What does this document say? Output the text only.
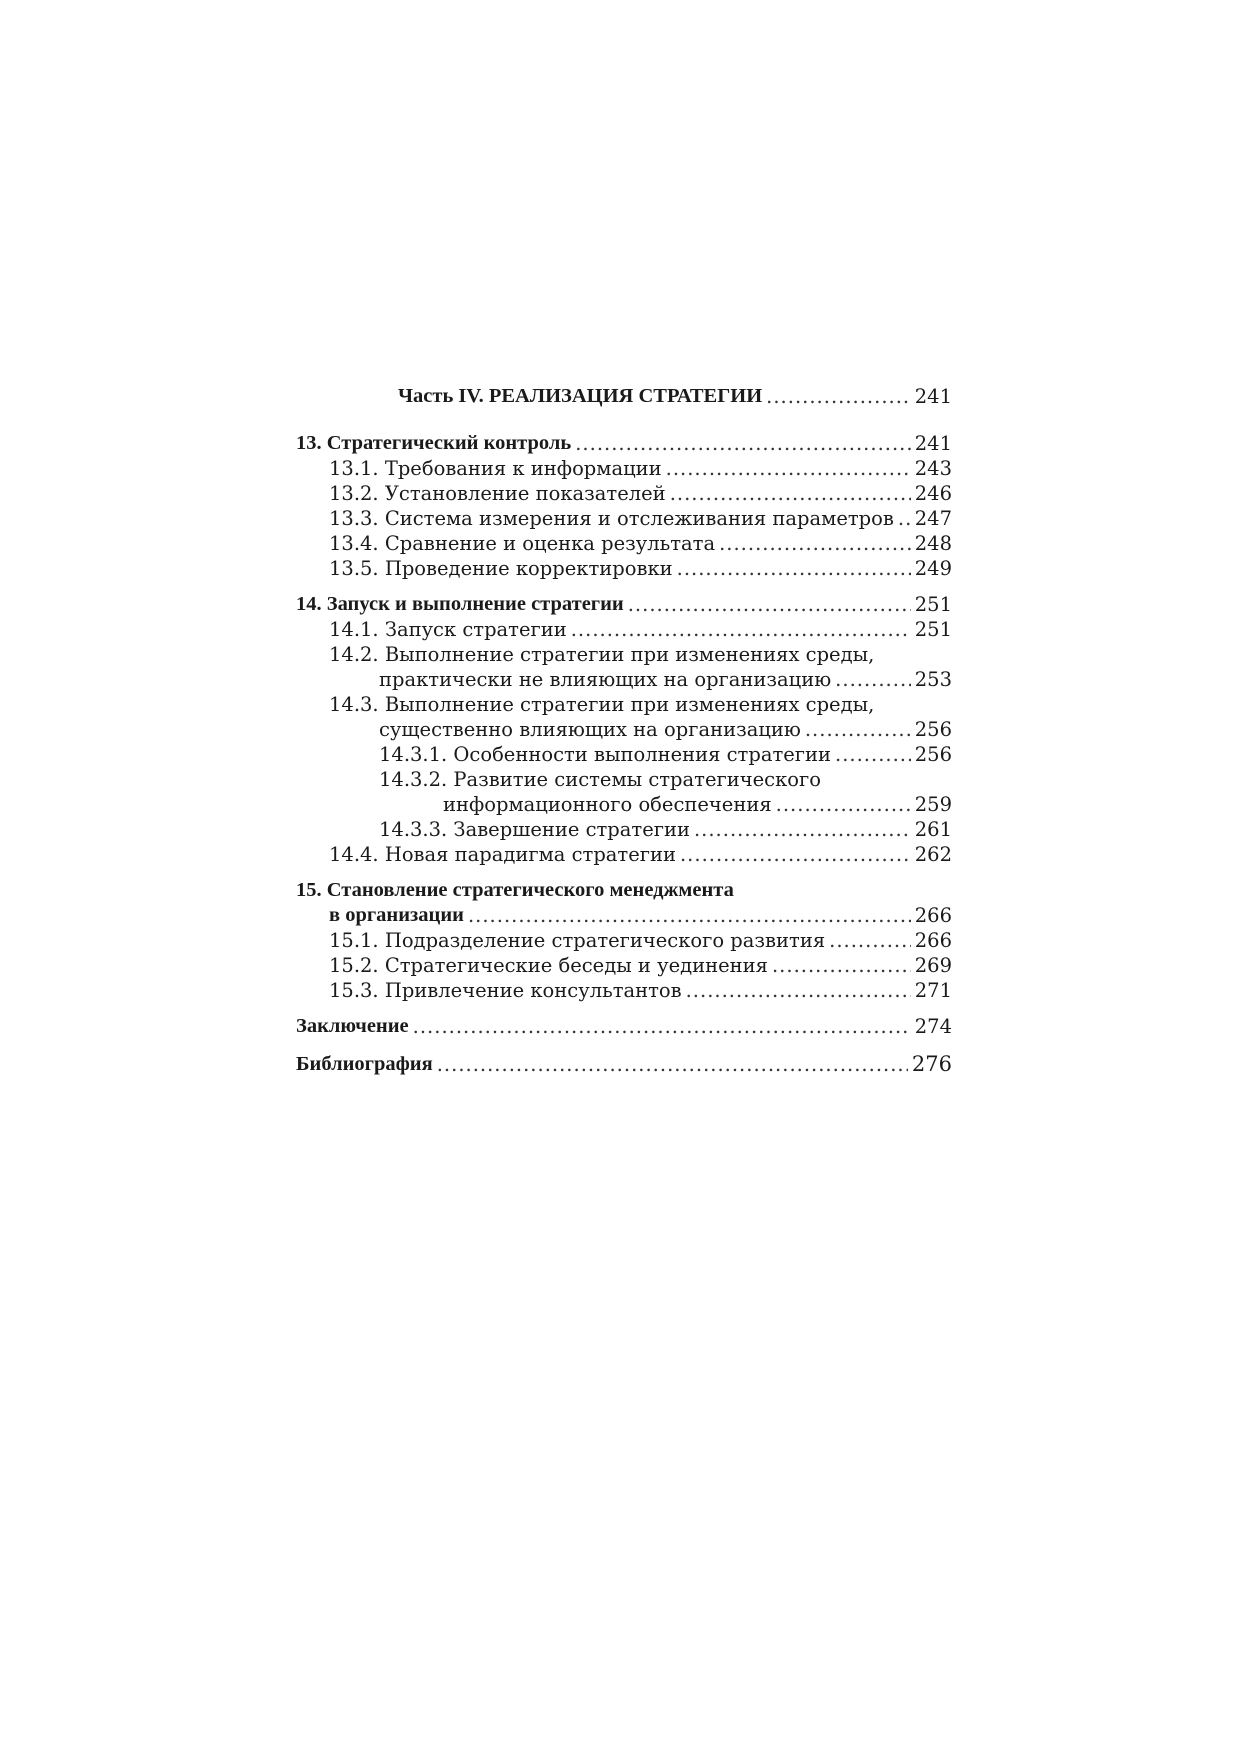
Часть IV. РЕАЛИЗАЦИЯ СТРАТЕГИИ .....	241
13. Стратегический контроль .....	241
13.1. Требования к информации .....	243
13.2. Установление показателей .....	246
13.3. Система измерения и отслеживания параметров ..... 247
13.4. Сравнение и оценка результата .....	248
13.5. Проведение корректировки .....	249
14. Запуск и выполнение стратегии .....	251
14.1. Запуск стратегии .....	251
14.2. Выполнение стратегии при изменениях среды,
практически не влияющих на организацию .....	253
14.3. Выполнение стратегии при изменениях среды,
существенно влияющих на организацию .....	256
14.3.1. Особенности выполнения стратегии .....	256
14.3.2. Развитие системы стратегического
информационного обеспечения .....	259
14.3.3. Завершение стратегии .....	261
14.4. Новая парадигма стратегии .....	262
15. Становление стратегического менеджмента
в организации .....	266
15.1. Подразделение стратегического развития .....	266
15.2. Стратегические беседы и уединения .....	269
15.3. Привлечение консультантов .....	271
Заключение .....	274
Библиография .....	276
